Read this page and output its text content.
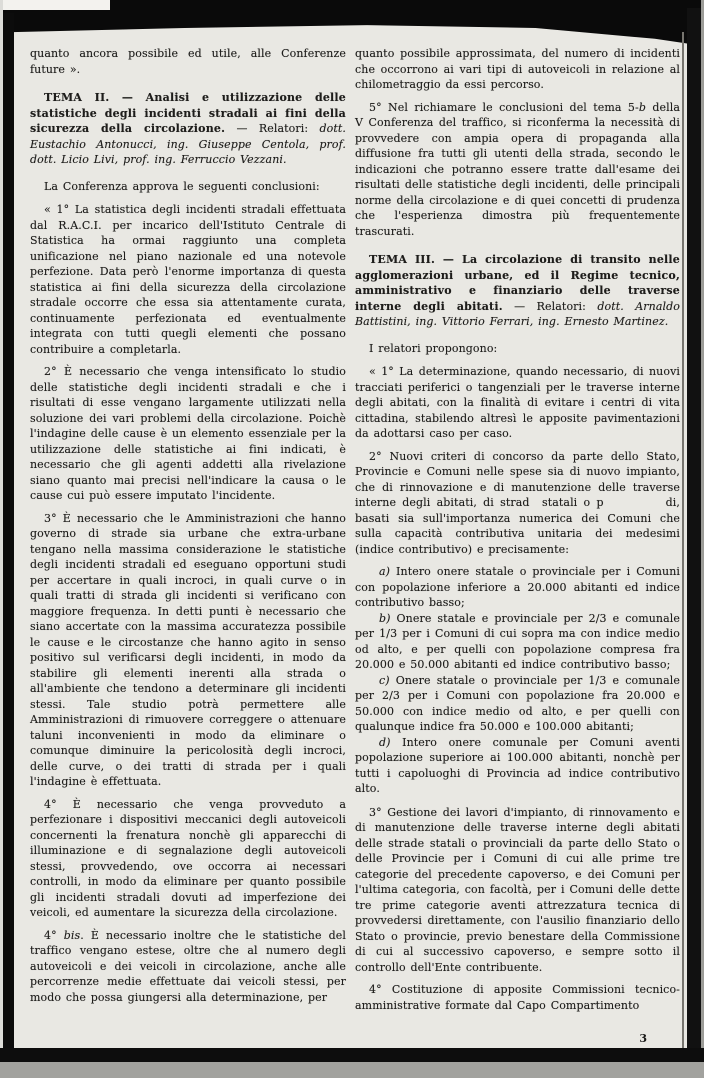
quanto ancora possibile ed utile, alle Conferenze future ».

TEMA II. — Analisi e utilizzazione delle statistiche degli incidenti stradali ai fini della sicurezza della circolazione. — Relatori: dott. Eustachio Antonucci, ing. Giuseppe Centola, prof. dott. Licio Livi, prof. ing. Ferruccio Vezzani.

La Conferenza approva le seguenti conclusioni:

« 1° La statistica degli incidenti stradali effettuata dal R.A.C.I. per incarico dell'Istituto Centrale di Statistica ha ormai raggiunto una completa unificazione nel piano nazionale ed una notevole perfezione. Data però l'enorme importanza di questa statistica ai fini della sicurezza della circolazione stradale occorre che essa sia attentamente curata, continuamente perfezionata ed eventualmente integrata con tutti quegli elementi che possano contribuire a completarla.

2° È necessario che venga intensificato lo studio delle statistiche degli incidenti stradali e che i risultati di esse vengano largamente utilizzati nella soluzione dei vari problemi della circolazione. Poichè l'indagine delle cause è un elemento essenziale per la utilizzazione delle statistiche ai fini indicati, è necessario che gli agenti addetti alla rivelazione siano quanto mai precisi nell'indicare la causa o le cause cui può essere imputato l'incidente.

3° È necessario che le Amministrazioni che hanno governo di strade sia urbane che extra-urbane tengano nella massima considerazione le statistiche degli incidenti stradali ed eseguano opportuni studi per accertare in quali incroci, in quali curve o in quali tratti di strada gli incidenti si verificano con maggiore frequenza. In detti punti è necessario che siano accertate con la massima accuratezza possibile le cause e le circostanze che hanno agito in senso positivo sul verificarsi degli incidenti, in modo da stabilire gli elementi inerenti alla strada o all'ambiente che tendono a determinare gli incidenti stessi. Tale studio potrà permettere alle Amministrazioni di rimuovere correggere o attenuare taluni inconvenienti in modo da eliminare o comunque diminuire la pericolosità degli incroci, delle curve, o dei tratti di strada per i quali l'indagine è effettuata.

4° È necessario che venga provveduto a perfezionare i dispositivi meccanici degli autoveicoli concernenti la frenatura nonchè gli apparecchi di illuminazione e di segnalazione degli autoveicoli stessi, provvedendo, ove occorra ai necessari controlli, in modo da eliminare per quanto possibile gli incidenti stradali dovuti ad imperfezione dei veicoli, ed aumentare la sicurezza della circolazione.

4° bis. È necessario inoltre che le statistiche del traffico vengano estese, oltre che al numero degli autoveicoli e dei veicoli in circolazione, anche alle percorrenze medie effettuate dai veicoli stessi, per modo che possa giungersi alla determinazione, per

quanto possibile approssimata, del numero di incidenti che occorrono ai vari tipi di autoveicoli in relazione al chilometraggio da essi percorso.

5° Nel richiamare le conclusioni del tema 5-b della V Conferenza del traffico, si riconferma la necessità di provvedere con ampia opera di propaganda alla diffusione fra tutti gli utenti della strada, secondo le indicazioni che potranno essere tratte dall'esame dei risultati delle statistiche degli incidenti, delle principali norme della circolazione e di quei concetti di prudenza che l'esperienza dimostra più frequentemente trascurati.

TEMA III. — La circolazione di transito nelle agglomerazioni urbane, ed il Regime tecnico, amministrativo e finanziario delle traverse interne degli abitati. — Relatori: dott. Arnaldo Battistini, ing. Vittorio Ferrari, ing. Ernesto Martinez.

I relatori propongono:

« 1° La determinazione, quando necessario, di nuovi tracciati periferici o tangenziali per le traverse interne degli abitati, con la finalità di evitare i centri di vita cittadina, stabilendo altresì le apposite pavimentazioni da adottarsi caso per caso.

2° Nuovi criteri di concorso da parte dello Stato, Provincie e Comuni nelle spese sia di nuovo impianto, che di rinnovazione e di manutenzione delle traverse interne degli abitati, di strad  statali o p          di, basati sia sull'importanza numerica dei Comuni che sulla capacità contributiva unitaria dei medesimi (indice contributivo) e precisamente:

a) Intero onere statale o provinciale per i Comuni con popolazione inferiore a 20.000 abitanti ed indice contributivo basso;

b) Onere statale e provinciale per 2/3 e comunale per 1/3 per i Comuni di cui sopra ma con indice medio od alto, e per quelli con popolazione compresa fra 20.000 e 50.000 abitanti ed indice contributivo basso;

c) Onere statale o provinciale per 1/3 e comunale per 2/3 per i Comuni con popolazione fra 20.000 e 50.000 con indice medio od alto, e per quelli con qualunque indice fra 50.000 e 100.000 abitanti;

d) Intero onere comunale per Comuni aventi popolazione superiore ai 100.000 abitanti, nonchè per tutti i capoluoghi di Provincia ad indice contributivo alto.

3° Gestione dei lavori d'impianto, di rinnovamento e di manutenzione delle traverse interne degli abitati delle strade statali o provinciali da parte dello Stato o delle Provincie per i Comuni di cui alle prime tre categorie del precedente capoverso, e dei Comuni per l'ultima categoria, con facoltà, per i Comuni delle dette tre prime categorie aventi attrezzatura tecnica di provvedersi direttamente, con l'ausilio finanziario dello Stato o provincie, previo benestare della Commissione di cui al successivo capoverso, e sempre sotto il controllo dell'Ente contribuente.

4° Costituzione di apposite Commissioni tecnico-amministrative formate dal Capo Compartimento

3
